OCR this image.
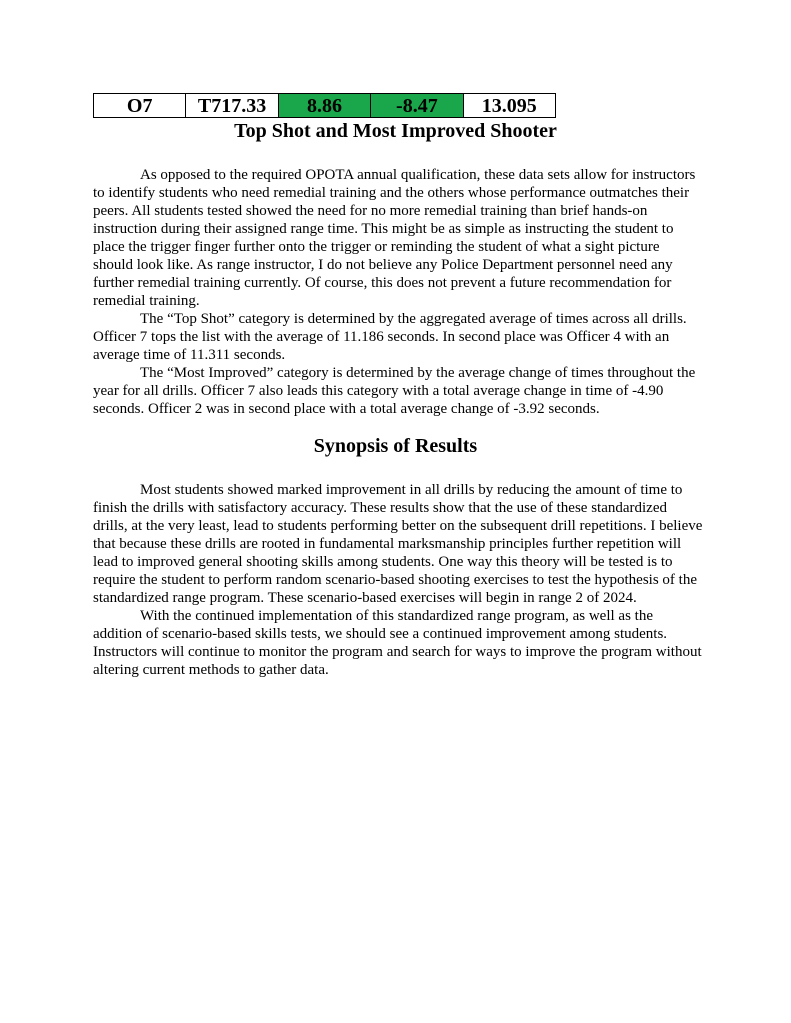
O7	T717.33	8.86	-8.47	13.095
Top Shot and Most Improved Shooter

As opposed to the required OPOTA annual qualification, these data sets allow for instructors to identify students who need remedial training and the others whose performance outmatches their peers. All students tested showed the need for no more remedial training than brief hands-on instruction during their assigned range time. This might be as simple as instructing the student to place the trigger finger further onto the trigger or reminding the student of what a sight picture should look like. As range instructor, I do not believe any Police Department personnel need any further remedial training currently. Of course, this does not prevent a future recommendation for remedial training.

The “Top Shot” category is determined by the aggregated average of times across all drills. Officer 7 tops the list with the average of 11.186 seconds. In second place was Officer 4 with an average time of 11.311 seconds.

The “Most Improved” category is determined by the average change of times throughout the year for all drills. Officer 7 also leads this category with a total average change in time of -4.90 seconds. Officer 2 was in second place with a total average change of -3.92 seconds.

Synopsis of Results

Most students showed marked improvement in all drills by reducing the amount of time to finish the drills with satisfactory accuracy. These results show that the use of these standardized drills, at the very least, lead to students performing better on the subsequent drill repetitions. I believe that because these drills are rooted in fundamental marksmanship principles further repetition will lead to improved general shooting skills among students. One way this theory will be tested is to require the student to perform random scenario-based shooting exercises to test the hypothesis of the standardized range program. These scenario-based exercises will begin in range 2 of 2024.

With the continued implementation of this standardized range program, as well as the addition of scenario-based skills tests, we should see a continued improvement among students. Instructors will continue to monitor the program and search for ways to improve the program without altering current methods to gather data.
